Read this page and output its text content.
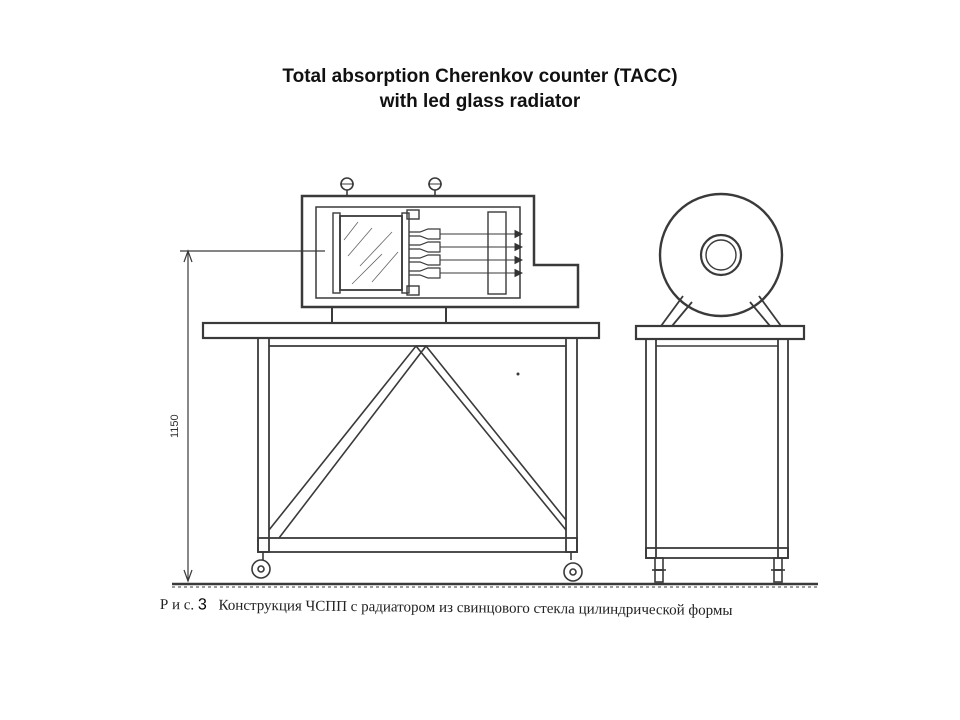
Total absorption Cherenkov counter (TACC)
with led glass radiator
1150
Р и с. 3 Конструкция ЧСПП с радиатором из свинцового стекла цилиндрической формы
